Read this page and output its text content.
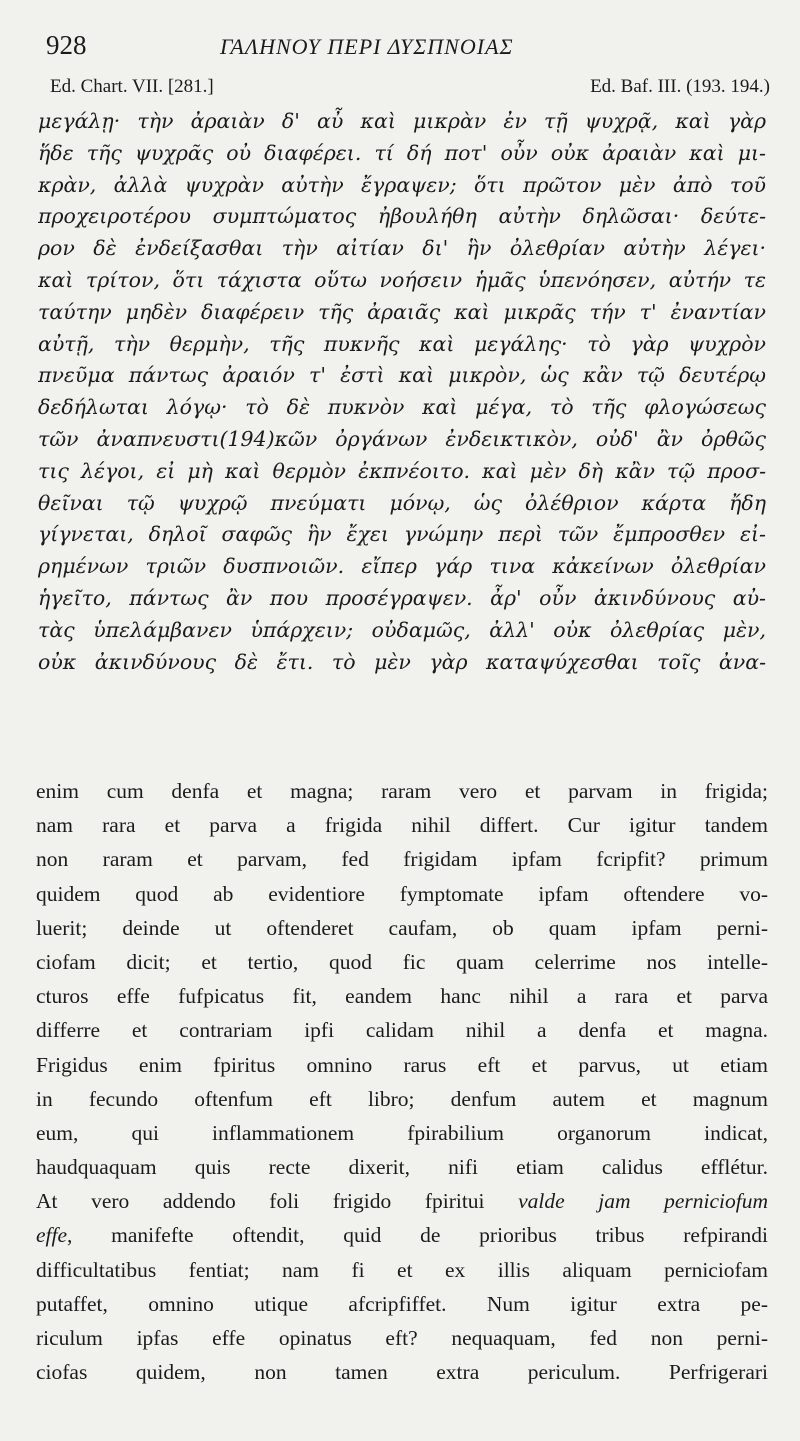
928	ΓΑΛΗΝΟΥ ΠΕΡΙ ΔΥΣΠΝΟΙΑΣ
Ed. Chart. VII. [281.]	Ed. Baf. III. (193. 194.)
μεγάλῃ· τὴν ἀραιὰν δ' αὖ καὶ μικρὰν ἐν τῇ ψυχρᾷ, καὶ γὰρ
ἥδε τῆς ψυχρᾶς οὐ διαφέρει. τί δή ποτ' οὖν οὐκ ἀραιὰν καὶ μι-
κρὰν, ἀλλὰ ψυχρὰν αὐτὴν ἔγραψεν; ὅτι πρῶτον μὲν ἀπὸ τοῦ
προχειροτέρου συμπτώματος ἠβουλήθη αὐτὴν δηλῶσαι· δεύτε-
ρον δὲ ἐνδείξασθαι τὴν αἰτίαν δι' ἣν ὀλεθρίαν αὐτὴν λέγει·
καὶ τρίτον, ὅτι τάχιστα οὕτω νοήσειν ἡμᾶς ὑπενόησεν, αὐτήν τε
ταύτην μηδὲν διαφέρειν τῆς ἀραιᾶς καὶ μικρᾶς τήν τ' ἐναντίαν
αὐτῇ, τὴν θερμὴν, τῆς πυκνῆς καὶ μεγάλης· τὸ γὰρ ψυχρὸν
πνεῦμα πάντως ἀραιόν τ' ἐστὶ καὶ μικρὸν, ὡς κἂν τῷ δευτέρῳ
δεδήλωται λόγῳ· τὸ δὲ πυκνὸν καὶ μέγα, τὸ τῆς φλογώσεως
τῶν ἀναπνευστι(194)κῶν ὀργάνων ἐνδεικτικὸν, οὐδ' ἂν ὀρθῶς
τις λέγοι, εἰ μὴ καὶ θερμὸν ἐκπνέοιτο. καὶ μὲν δὴ κἂν τῷ προσ-
θεῖναι τῷ ψυχρῷ πνεύματι μόνῳ, ὡς ὀλέθριον κάρτα ἤδη
γίγνεται, δηλοῖ σαφῶς ἣν ἔχει γνώμην περὶ τῶν ἔμπροσθεν εἰ-
ρημένων τριῶν δυσπνοιῶν. εἴπερ γάρ τινα κἀκείνων ὀλεθρίαν
ἡγεῖτο, πάντως ἂν που προσέγραψεν. ἆρ' οὖν ἀκινδύνους αὐ-
τὰς ὑπελάμβανεν ὑπάρχειν; οὐδαμῶς, ἀλλ' οὐκ ὀλεθρίας μὲν,
οὐκ ἀκινδύνους δὲ ἔτι. τὸ μὲν γὰρ καταψύχεσθαι τοῖς ἀνα-
enim cum denfa et magna; raram vero et parvam in frigida;
nam rara et parva a frigida nihil differt. Cur igitur tandem
non raram et parvam, fed frigidam ipfam fcripfit? primum
quidem quod ab evidentiore fymptomate ipfam oftendere vo-
luerit; deinde ut oftenderet caufam, ob quam ipfam perni-
ciofam dicit; et tertio, quod fic quam celerrime nos intelle-
cturos effe fufpicatus fit, eandem hanc nihil a rara et parva
differre et contrariam ipfi calidam nihil a denfa et magna.
Frigidus enim fpiritus omnino rarus eft et parvus, ut etiam
in fecundo oftenfum eft libro; denfum autem et magnum
eum, qui inflammationem fpirabilium organorum indicat,
haudquaquam quis recte dixerit, nifi etiam calidus efflétur.
At vero addendo foli frigido fpiritui valde jam perniciofum
effe, manifefte oftendit, quid de prioribus tribus refpirandi
difficultatibus fentiat; nam fi et ex illis aliquam perniciofam
putaffet, omnino utique afcripfiffet. Num igitur extra pe-
riculum ipfas effe opinatus eft? nequaquam, fed non perni-
ciofas quidem, non tamen extra periculum. Perfrigerari
